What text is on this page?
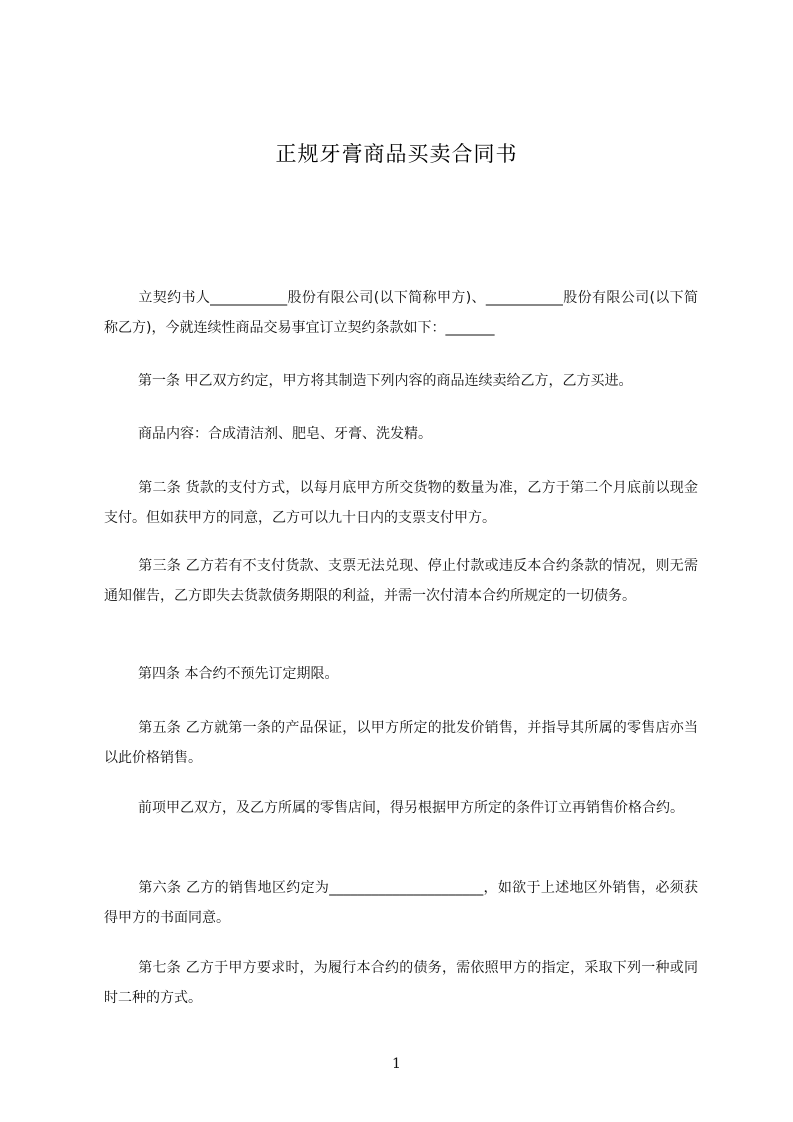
正规牙膏商品买卖合同书

立契约书人___________股份有限公司(以下简称甲方)、___________股份有限公司(以下简称乙方)，今就连续性商品交易事宜订立契约条款如下：_______

第一条 甲乙双方约定，甲方将其制造下列内容的商品连续卖给乙方，乙方买进。

商品内容：合成清洁剂、肥皂、牙膏、洗发精。

第二条 货款的支付方式，以每月底甲方所交货物的数量为准，乙方于第二个月底前以现金支付。但如获甲方的同意，乙方可以九十日内的支票支付甲方。

第三条 乙方若有不支付货款、支票无法兑现、停止付款或违反本合约条款的情况，则无需通知催告，乙方即失去货款债务期限的利益，并需一次付清本合约所规定的一切债务。

第四条 本合约不预先订定期限。

第五条 乙方就第一条的产品保证，以甲方所定的批发价销售，并指导其所属的零售店亦当以此价格销售。

前项甲乙双方，及乙方所属的零售店间，得另根据甲方所定的条件订立再销售价格合约。

第六条 乙方的销售地区约定为______________________，如欲于上述地区外销售，必须获得甲方的书面同意。

第七条 乙方于甲方要求时，为履行本合约的债务，需依照甲方的指定，采取下列一种或同时二种的方式。

1
